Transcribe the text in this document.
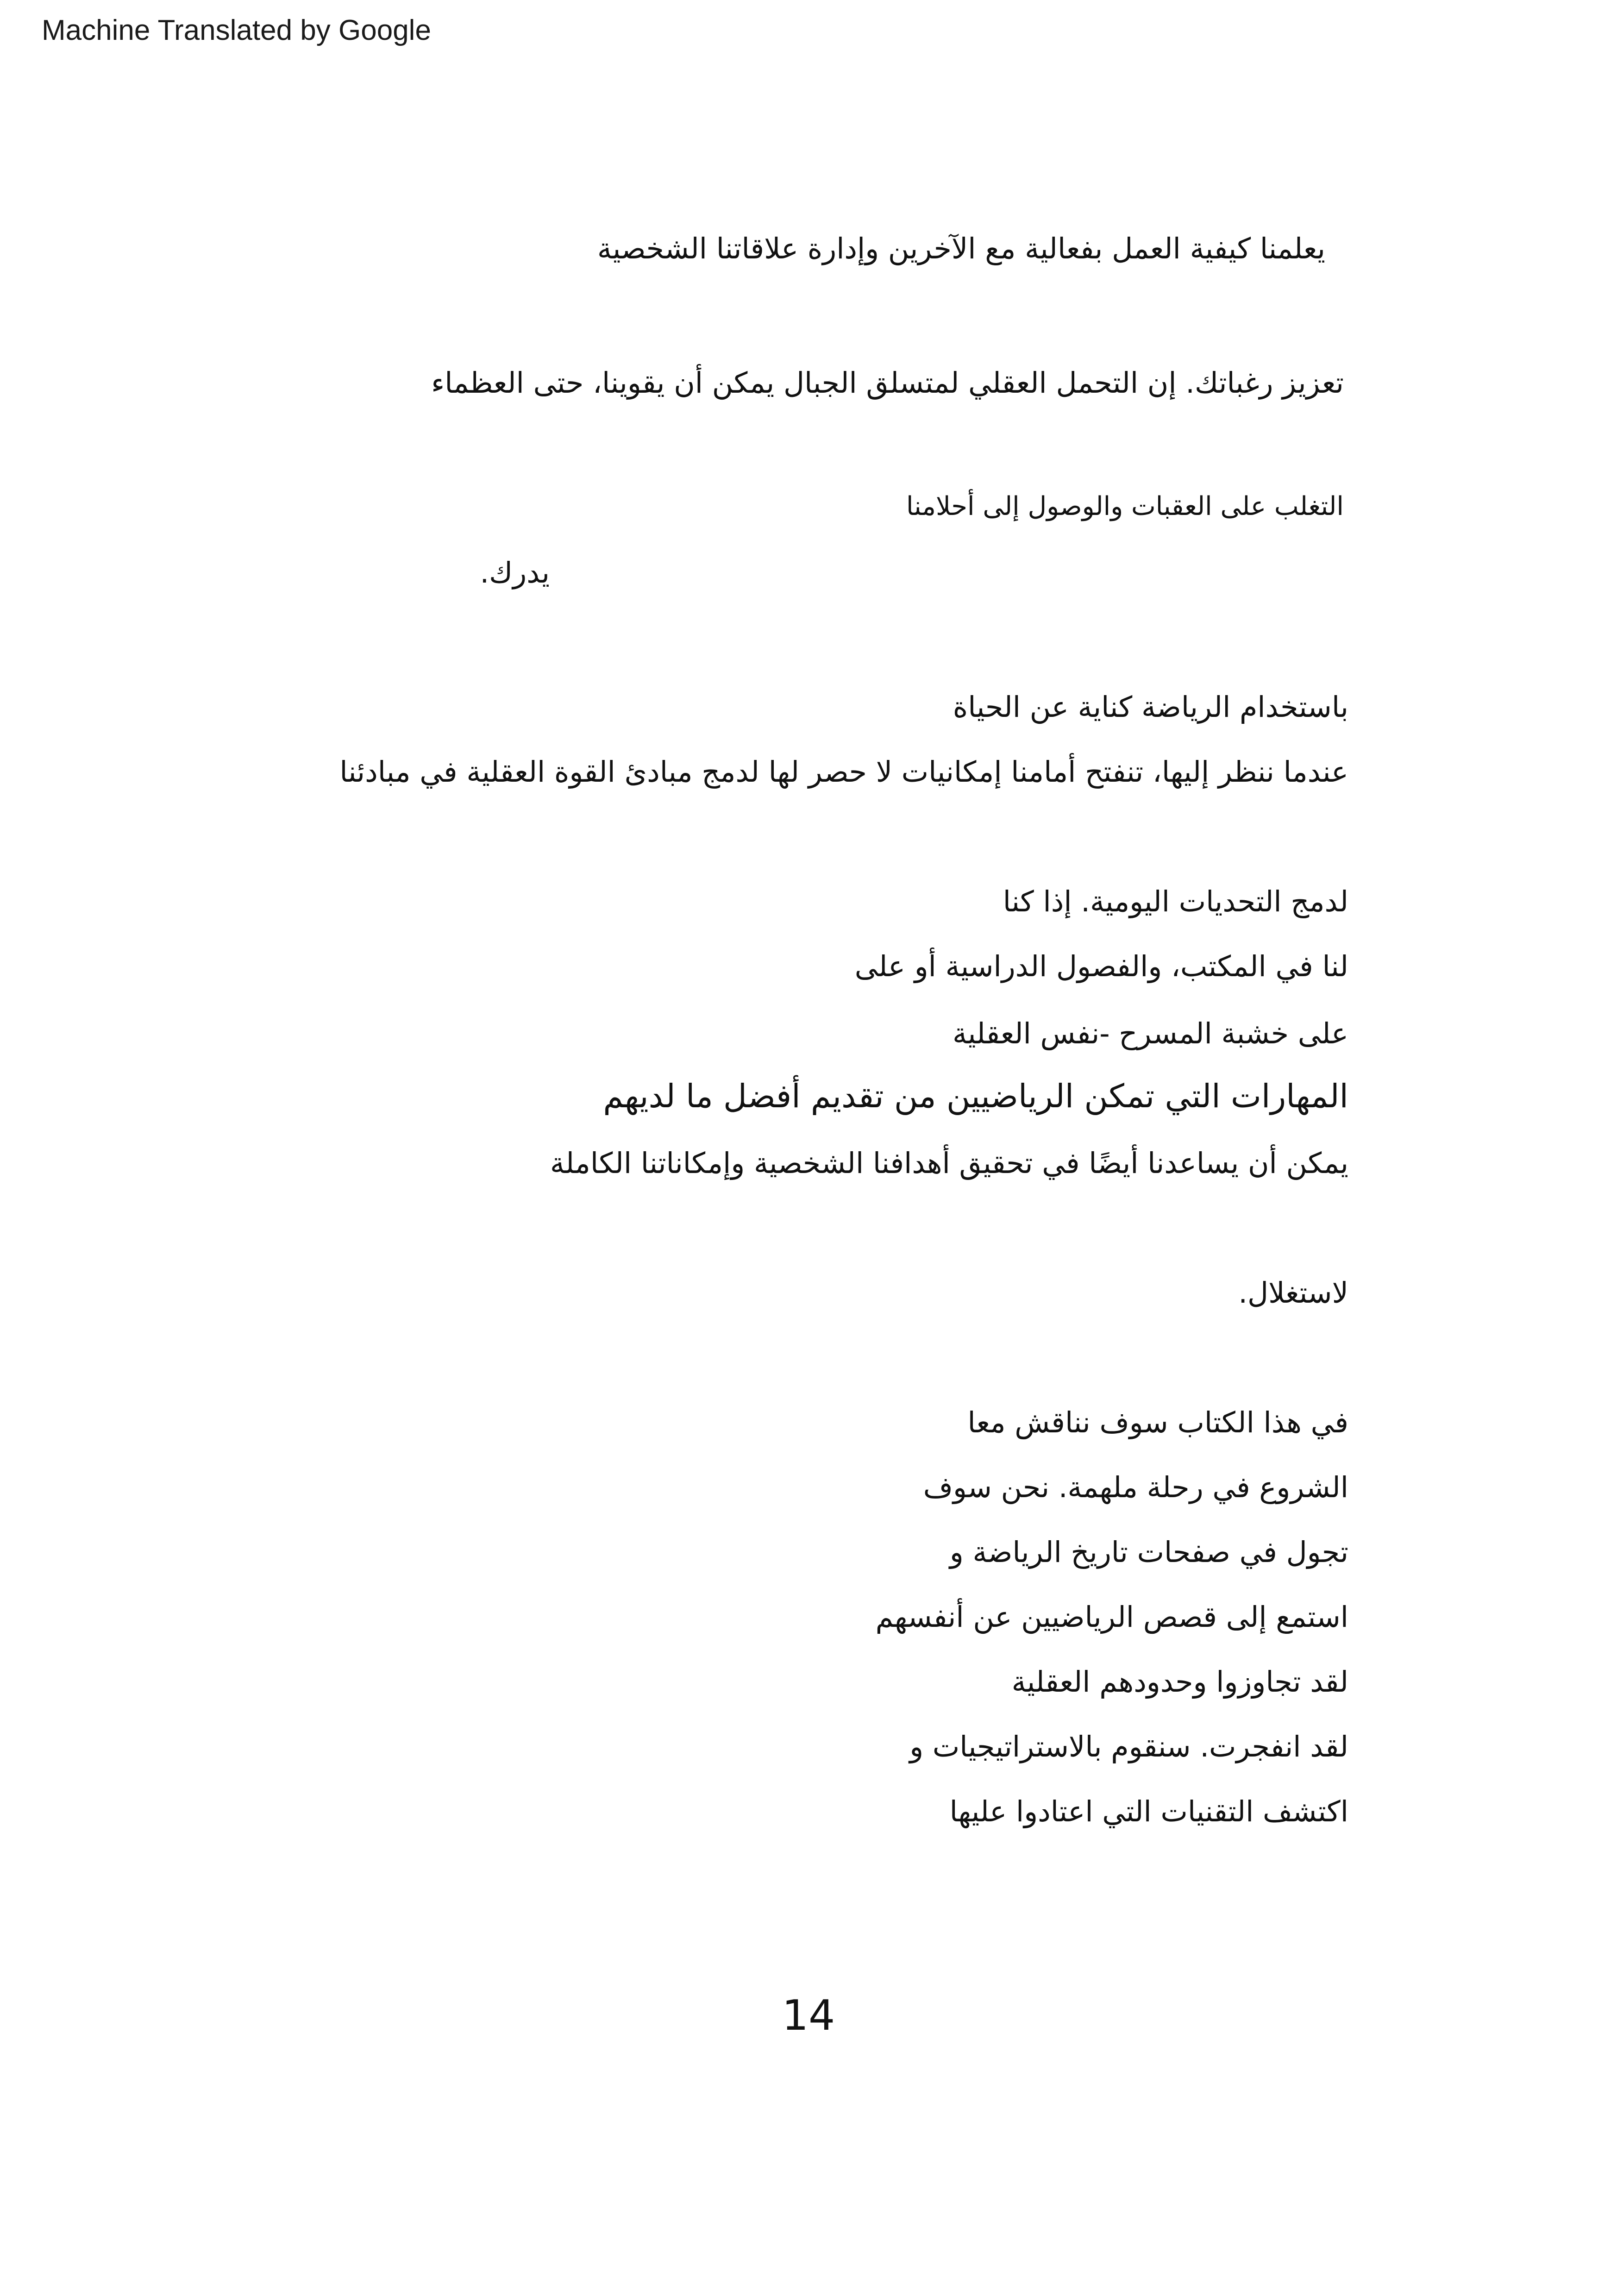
Machine Translated by Google
يعلمنا كيفية العمل بفعالية مع الآخرين وإدارة علاقاتنا الشخصية
تعزيز رغباتك. إن التحمل العقلي لمتسلق الجبال يمكن أن يقوينا، حتى العظماء
التغلب على العقبات والوصول إلى أحلامنا
يدرك.
باستخدام الرياضة كناية عن الحياة
عندما ننظر إليها، تنفتح أمامنا إمكانيات لا حصر لها لدمج مبادئ القوة العقلية في مبادئنا
لدمج التحديات اليومية. إذا كنا
لنا في المكتب، والفصول الدراسية أو على
على خشبة المسرح -نفس العقلية
المهارات التي تمكن الرياضيين من تقديم أفضل ما لديهم
يمكن أن يساعدنا أيضًا في تحقيق أهدافنا الشخصية وإمكاناتنا الكاملة
لاستغلال.
في هذا الكتاب سوف نناقش معا
الشروع في رحلة ملهمة. نحن سوف
تجول في صفحات تاريخ الرياضة و
استمع إلى قصص الرياضيين عن أنفسهم
لقد تجاوزوا وحدودهم العقلية
لقد انفجرت. سنقوم بالاستراتيجيات و
اكتشف التقنيات التي اعتادوا عليها
14
